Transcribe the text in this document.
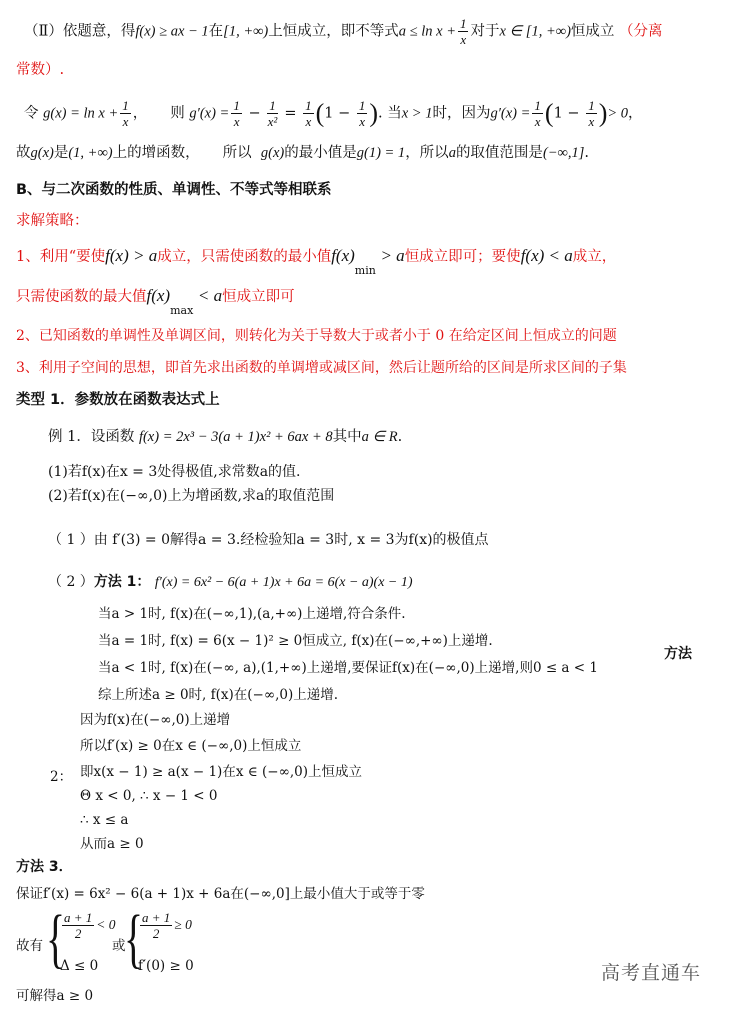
（Ⅱ）依题意，得f(x) ≥ ax − 1在[1, +∞)上恒成立，即不等式$a \le \ln x + \frac{1}{x}$ 对于x ∈ [1, +∞)恒成立 （分离
常数）.
令 $g(x) = \ln x + \frac{1}{x}$ ， 则 $g'(x) = \frac{1}{x} - \frac{1}{\text{x²}} = \frac{1}{x} (1 - \frac{1}{x}$ ). 当x > 1时，因为$g'(x) = \frac{1}{x} (1 - \frac{1}{x}$ )> 0，
故g(x)是(1, +∞)上的增函数， 所以 g(x)的最小值是g(1) = 1，所以a的取值范围是(−∞,1].
B、与二次函数的性质、单调性、不等式等相联系
求解策略：
1、利用“要使f(x) > a成立，只需使函数的最小值$f(x)_{min} > a$恒成立即可；要使f(x) < a成立，
只需使函数的最大值$f(x)_{max} < a$恒成立即可
2、已知函数的单调性及单调区间，则转化为关于导数大于或者小于 0 在给定区间上恒成立的问题
3、利用子空间的思想，即首先求出函数的单调增或减区间，然后让题所给的区间是所求区间的子集
类型 1．参数放在函数表达式上
例 1．设函数 f(x) = 2x³ − 3(a + 1)x² + 6ax + 8其中a ∈ R.
(1)若f(x)在x = 3处得极值,求常数a的值.
(2)若f(x)在(−∞,0)上为增函数,求a的取值范围
（ 1 ）由 f′(3) = 0解得a = 3.经检验知a = 3时, x = 3为f(x)的极值点
（ 2 ）方法 1： f′(x) = 6x² − 6(a + 1)x + 6a = 6(x − a)(x − 1)
当a > 1时, f(x)在(−∞,1),(a,+∞)上递增,符合条件.
当a = 1时, f(x) = 6(x − 1)² ≥ 0恒成立, f(x)在(−∞,+∞)上递增.
当a < 1时, f(x)在(−∞, a),(1,+∞)上递增,要保证f(x)在(−∞,0)上递增,则0 ≤ a < 1
综上所述a ≥ 0时, f(x)在(−∞,0)上递增.
方法
因为f(x)在(−∞,0)上递增
所以f′(x) ≥ 0在x ∈ (−∞,0)上恒成立
2： 即x(x − 1) ≥ a(x − 1)在x ∈ (−∞,0)上恒成立
Θ x < 0, ∴ x − 1 < 0
∴ x ≤ a
从而a ≥ 0
方法 3．
保证f′(x) = 6x² − 6(a + 1)x + 6a在(−∞,0]上最小值大于或等于零
故有 {
$\frac{a + 1}{2} < 0$
Δ ≤ 0
或
{
$\frac{a + 1}{2} \ge 0$
f′(0) ≥ 0
可解得a ≥ 0
高考直通车
